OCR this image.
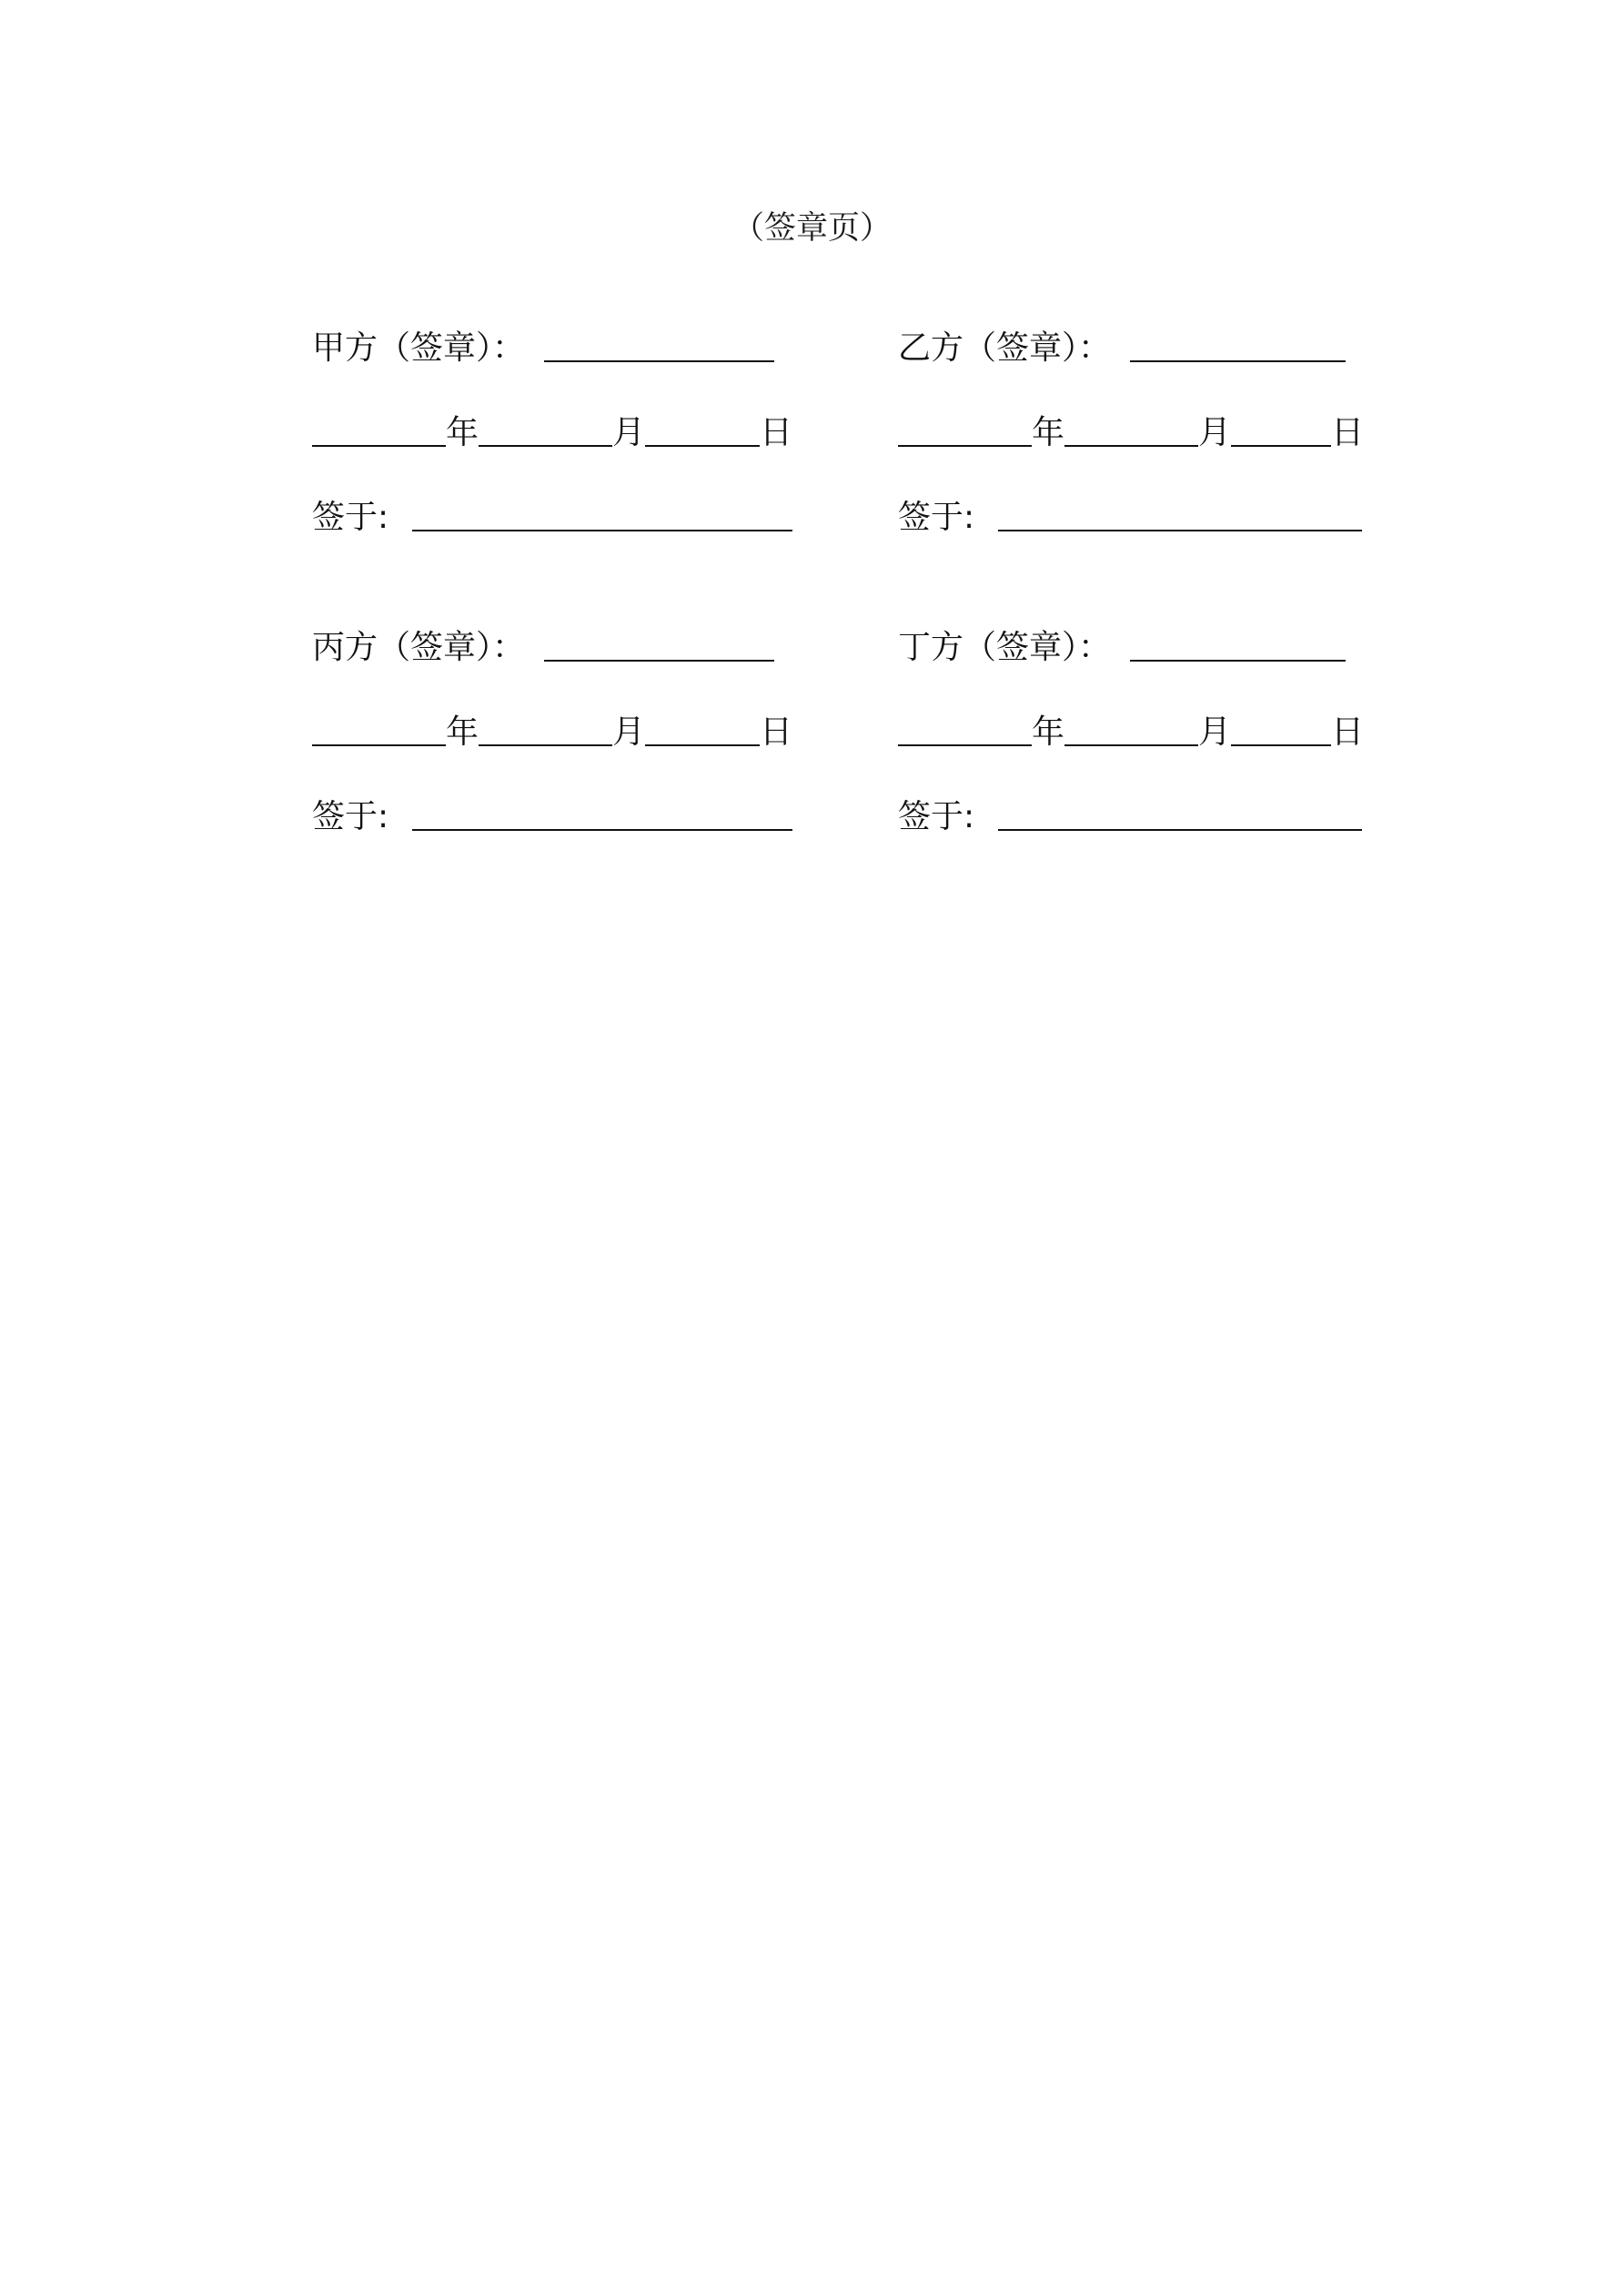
（签章页）
甲方（签章）：
年	月	日
签于:
乙方（签章）：
年	月	日
签于:
丙方（签章）：
年	月	日
签于:
丁方（签章）：
年	月	日
签于:
